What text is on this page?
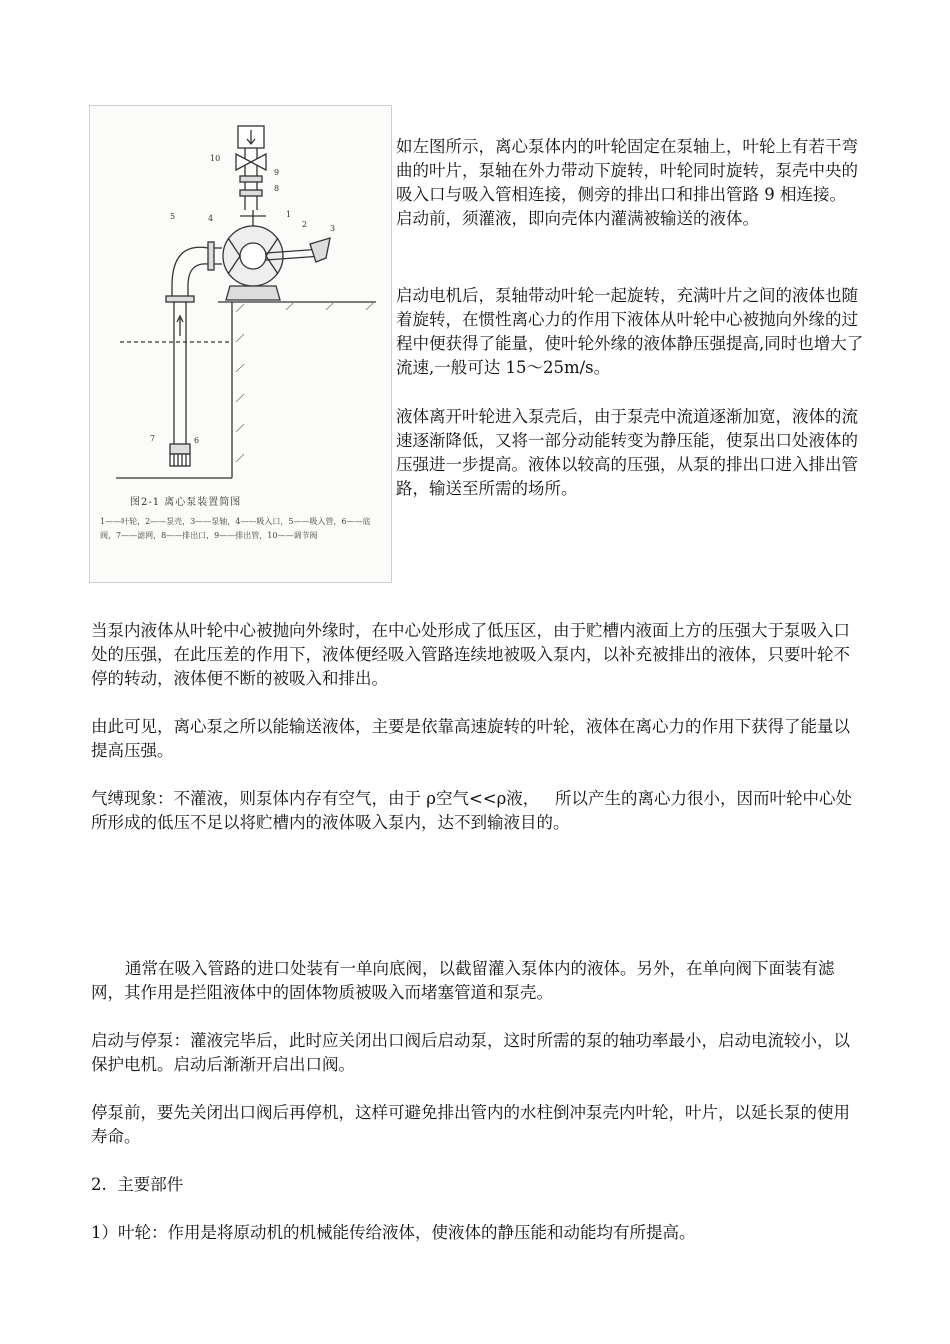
10
9
8
5	4	1
2	3
6
7
图2-1 离心泵装置简图
1——叶轮，2——泵壳，3——泵轴，4——吸入口，5——吸入管，6——底阀，7——滤网，8——排出口，9——排出管，10——调节阀

如左图所示，离心泵体内的叶轮固定在泵轴上，叶轮上有若干弯曲的叶片，泵轴在外力带动下旋转，叶轮同时旋转，泵壳中央的吸入口与吸入管相连接，侧旁的排出口和排出管路 9 相连接。启动前，须灌液，即向壳体内灌满被输送的液体。

启动电机后，泵轴带动叶轮一起旋转，充满叶片之间的液体也随着旋转，在惯性离心力的作用下液体从叶轮中心被抛向外缘的过程中便获得了能量，使叶轮外缘的液体静压强提高,同时也增大了流速,一般可达 15～25m/s。

液体离开叶轮进入泵壳后，由于泵壳中流道逐渐加宽，液体的流速逐渐降低，又将一部分动能转变为静压能，使泵出口处液体的压强进一步提高。液体以较高的压强，从泵的排出口进入排出管路，输送至所需的场所。

当泵内液体从叶轮中心被抛向外缘时，在中心处形成了低压区，由于贮槽内液面上方的压强大于泵吸入口处的压强，在此压差的作用下，液体便经吸入管路连续地被吸入泵内，以补充被排出的液体，只要叶轮不停的转动，液体便不断的被吸入和排出。

由此可见，离心泵之所以能输送液体，主要是依靠高速旋转的叶轮，液体在离心力的作用下获得了能量以提高压强。

气缚现象：不灌液，则泵体内存有空气，由于 ρ空气<<ρ液，   所以产生的离心力很小，因而叶轮中心处所形成的低压不足以将贮槽内的液体吸入泵内，达不到输液目的。

通常在吸入管路的进口处装有一单向底阀，以截留灌入泵体内的液体。另外，在单向阀下面装有滤网，其作用是拦阻液体中的固体物质被吸入而堵塞管道和泵壳。

启动与停泵：灌液完毕后，此时应关闭出口阀后启动泵，这时所需的泵的轴功率最小，启动电流较小，以保护电机。启动后渐渐开启出口阀。

停泵前，要先关闭出口阀后再停机，这样可避免排出管内的水柱倒冲泵壳内叶轮，叶片，以延长泵的使用寿命。

2.  主要部件

1）叶轮：作用是将原动机的机械能传给液体，使液体的静压能和动能均有所提高。
